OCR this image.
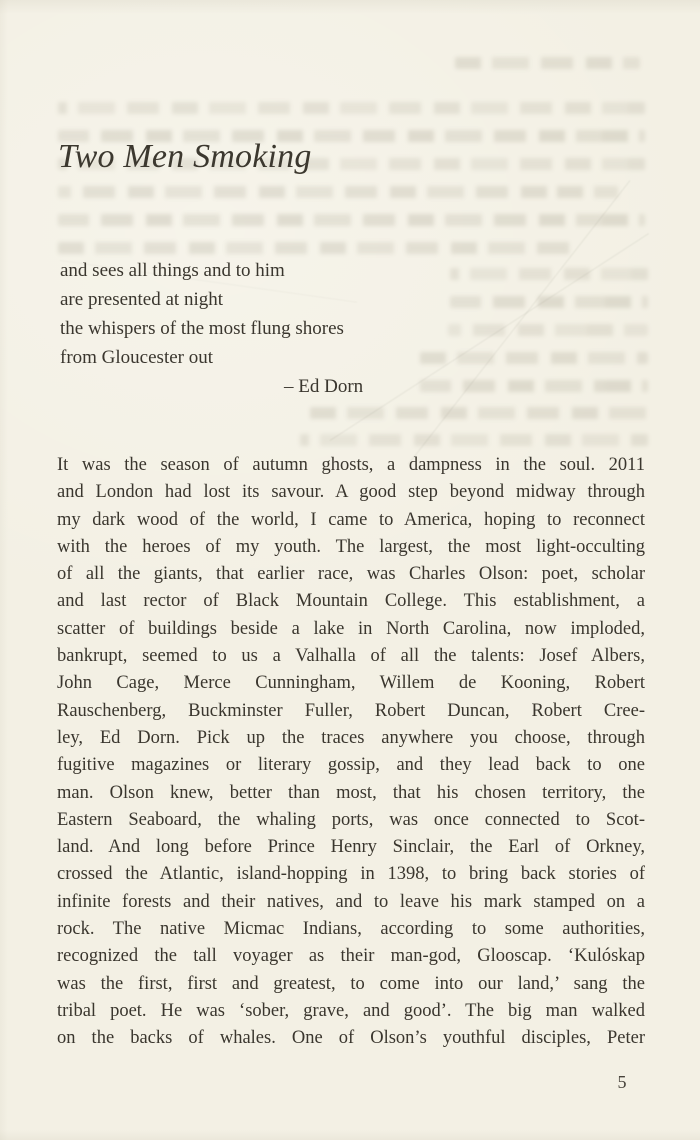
Two Men Smoking
and sees all things and to him
are presented at night
the whispers of the most flung shores
from Gloucester out
– Ed Dorn
It was the season of autumn ghosts, a dampness in the soul. 2011
and London had lost its savour. A good step beyond midway through
my dark wood of the world, I came to America, hoping to reconnect
with the heroes of my youth. The largest, the most light-occulting
of all the giants, that earlier race, was Charles Olson: poet, scholar
and last rector of Black Mountain College. This establishment, a
scatter of buildings beside a lake in North Carolina, now imploded,
bankrupt, seemed to us a Valhalla of all the talents: Josef Albers,
John Cage, Merce Cunningham, Willem de Kooning, Robert
Rauschenberg, Buckminster Fuller, Robert Duncan, Robert Cree-
ley, Ed Dorn. Pick up the traces anywhere you choose, through
fugitive magazines or literary gossip, and they lead back to one
man. Olson knew, better than most, that his chosen territory, the
Eastern Seaboard, the whaling ports, was once connected to Scot-
land. And long before Prince Henry Sinclair, the Earl of Orkney,
crossed the Atlantic, island-hopping in 1398, to bring back stories of
infinite forests and their natives, and to leave his mark stamped on a
rock. The native Micmac Indians, according to some authorities,
recognized the tall voyager as their man-god, Glooscap. ‘Kulóskap
was the first, first and greatest, to come into our land,’ sang the
tribal poet. He was ‘sober, grave, and good’. The big man walked
on the backs of whales. One of Olson’s youthful disciples, Peter
5
